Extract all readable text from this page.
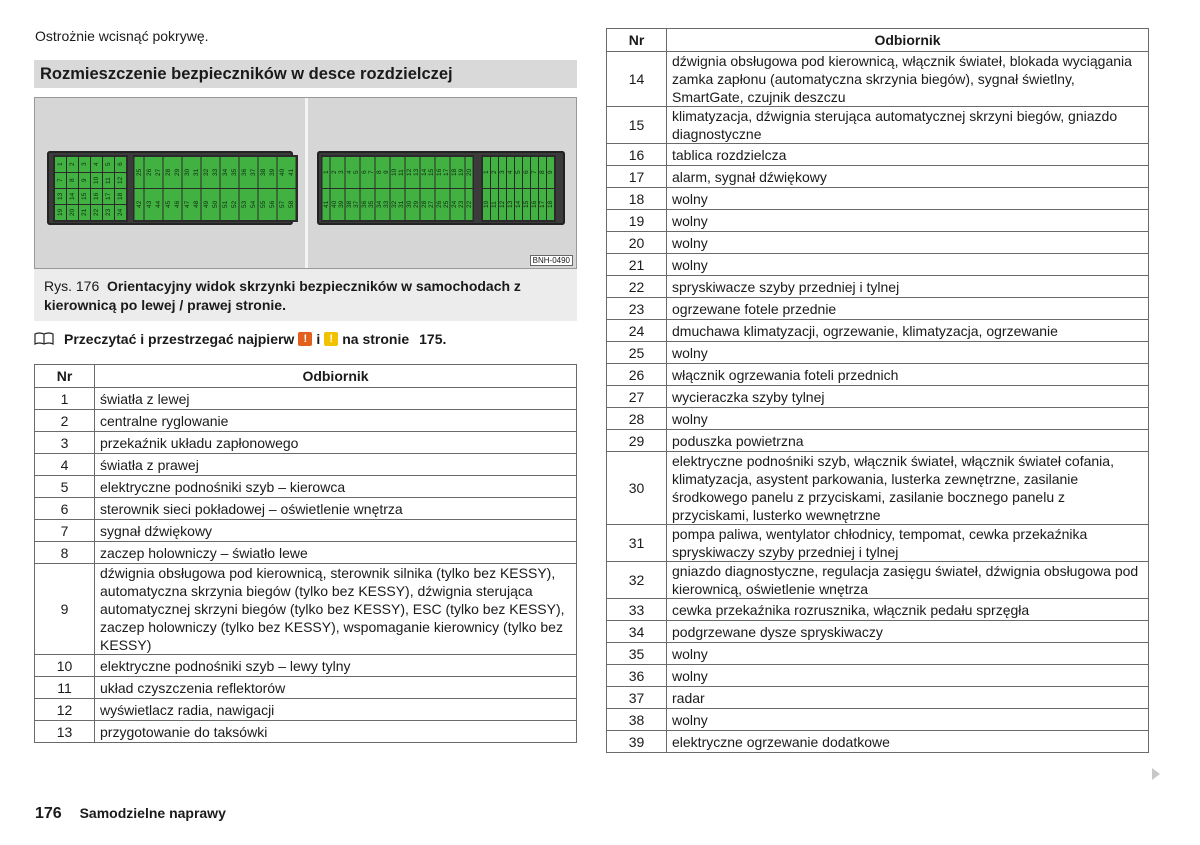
Ostrożnie wcisnąć pokrywę.
Rozmieszczenie bezpieczników w desce rozdzielczej
1 2 3 4 5 6
7 8 9 10 11 12
13 14 15 16 17 18
19 20 21 22 23 24
25 26 27 28 29 30 31 32 33 34 35 36 37 38 39 40 41
42 43 44 45 46 47 48 49 50 51 52 53 54 55 56 57 58
1 2 3 4 5 6 7 8 9 10 11 12 13 14 15 16 17 18 19 20
41 40 39 38 37 36 35 34 33 32 31 30 29 28 27 26 25 24 23 22
1 2 3 4 5 6 7 8 9
10 11 12 13 14 15 16 17 18
BNH-0490
Rys. 176 Orientacyjny widok skrzynki bezpieczników w samochodach z kierownicą po lewej / prawej stronie.
Przeczytać i przestrzegać najpierw ! i ! na stronie 175.
Nr	Odbiornik
1	światła z lewej
2	centralne ryglowanie
3	przekaźnik układu zapłonowego
4	światła z prawej
5	elektryczne podnośniki szyb – kierowca
6	sterownik sieci pokładowej – oświetlenie wnętrza
7	sygnał dźwiękowy
8	zaczep holowniczy – światło lewe
9	dźwignia obsługowa pod kierownicą, sterownik silnika (tylko bez KESSY), automatyczna skrzynia biegów (tylko bez KESSY), dźwignia sterująca automatycznej skrzyni biegów (tylko bez KESSY), ESC (tylko bez KESSY), zaczep holowniczy (tylko bez KESSY), wspomaganie kierownicy (tylko bez KESSY)
10	elektryczne podnośniki szyb – lewy tylny
11	układ czyszczenia reflektorów
12	wyświetlacz radia, nawigacji
13	przygotowanie do taksówki
Nr	Odbiornik
14	dźwignia obsługowa pod kierownicą, włącznik świateł, blokada wyciągania zamka zapłonu (automatyczna skrzynia biegów), sygnał świetlny, SmartGate, czujnik deszczu
15	klimatyzacja, dźwignia sterująca automatycznej skrzyni biegów, gniazdo diagnostyczne
16	tablica rozdzielcza
17	alarm, sygnał dźwiękowy
18	wolny
19	wolny
20	wolny
21	wolny
22	spryskiwacze szyby przedniej i tylnej
23	ogrzewane fotele przednie
24	dmuchawa klimatyzacji, ogrzewanie, klimatyzacja, ogrzewanie
25	wolny
26	włącznik ogrzewania foteli przednich
27	wycieraczka szyby tylnej
28	wolny
29	poduszka powietrzna
30	elektryczne podnośniki szyb, włącznik świateł, włącznik świateł cofania, klimatyzacja, asystent parkowania, lusterka zewnętrzne, zasilanie środkowego panelu z przyciskami, zasilanie bocznego panelu z przyciskami, lusterko wewnętrzne
31	pompa paliwa, wentylator chłodnicy, tempomat, cewka przekaźnika spryskiwaczy szyby przedniej i tylnej
32	gniazdo diagnostyczne, regulacja zasięgu świateł, dźwignia obsługowa pod kierownicą, oświetlenie wnętrza
33	cewka przekaźnika rozrusznika, włącznik pedału sprzęgła
34	podgrzewane dysze spryskiwaczy
35	wolny
36	wolny
37	radar
38	wolny
39	elektryczne ogrzewanie dodatkowe
176 Samodzielne naprawy
